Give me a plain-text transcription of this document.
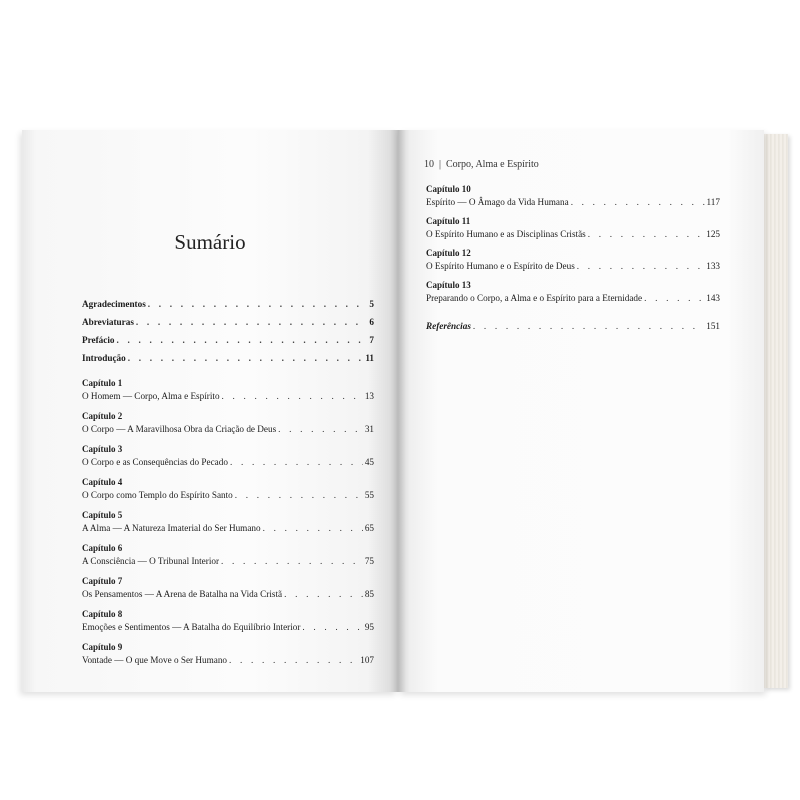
Sumário
Agradecimentos . . .	5
Abreviaturas . . .	6
Prefácio . . .	7
Introdução . . .	11
Capítulo 1
O Homem — Corpo, Alma e Espírito . . .	13
Capítulo 2
O Corpo — A Maravilhosa Obra da Criação de Deus . . .	31
Capítulo 3
O Corpo e as Consequências do Pecado . . .	45
Capítulo 4
O Corpo como Templo do Espírito Santo . . .	55
Capítulo 5
A Alma — A Natureza Imaterial do Ser Humano . . .	65
Capítulo 6
A Consciência — O Tribunal Interior . . .	75
Capítulo 7
Os Pensamentos — A Arena de Batalha na Vida Cristã . . .	85
Capítulo 8
Emoções e Sentimentos — A Batalha do Equilíbrio Interior . . .	95
Capítulo 9
Vontade — O que Move o Ser Humano . . .	107
10 | Corpo, Alma e Espírito
Capítulo 10
Espírito — O Âmago da Vida Humana . . .	117
Capítulo 11
O Espírito Humano e as Disciplinas Cristãs . . .	125
Capítulo 12
O Espírito Humano e o Espírito de Deus . . .	133
Capítulo 13
Preparando o Corpo, a Alma e o Espírito para a Eternidade . . .	143
Referências . . .	151
